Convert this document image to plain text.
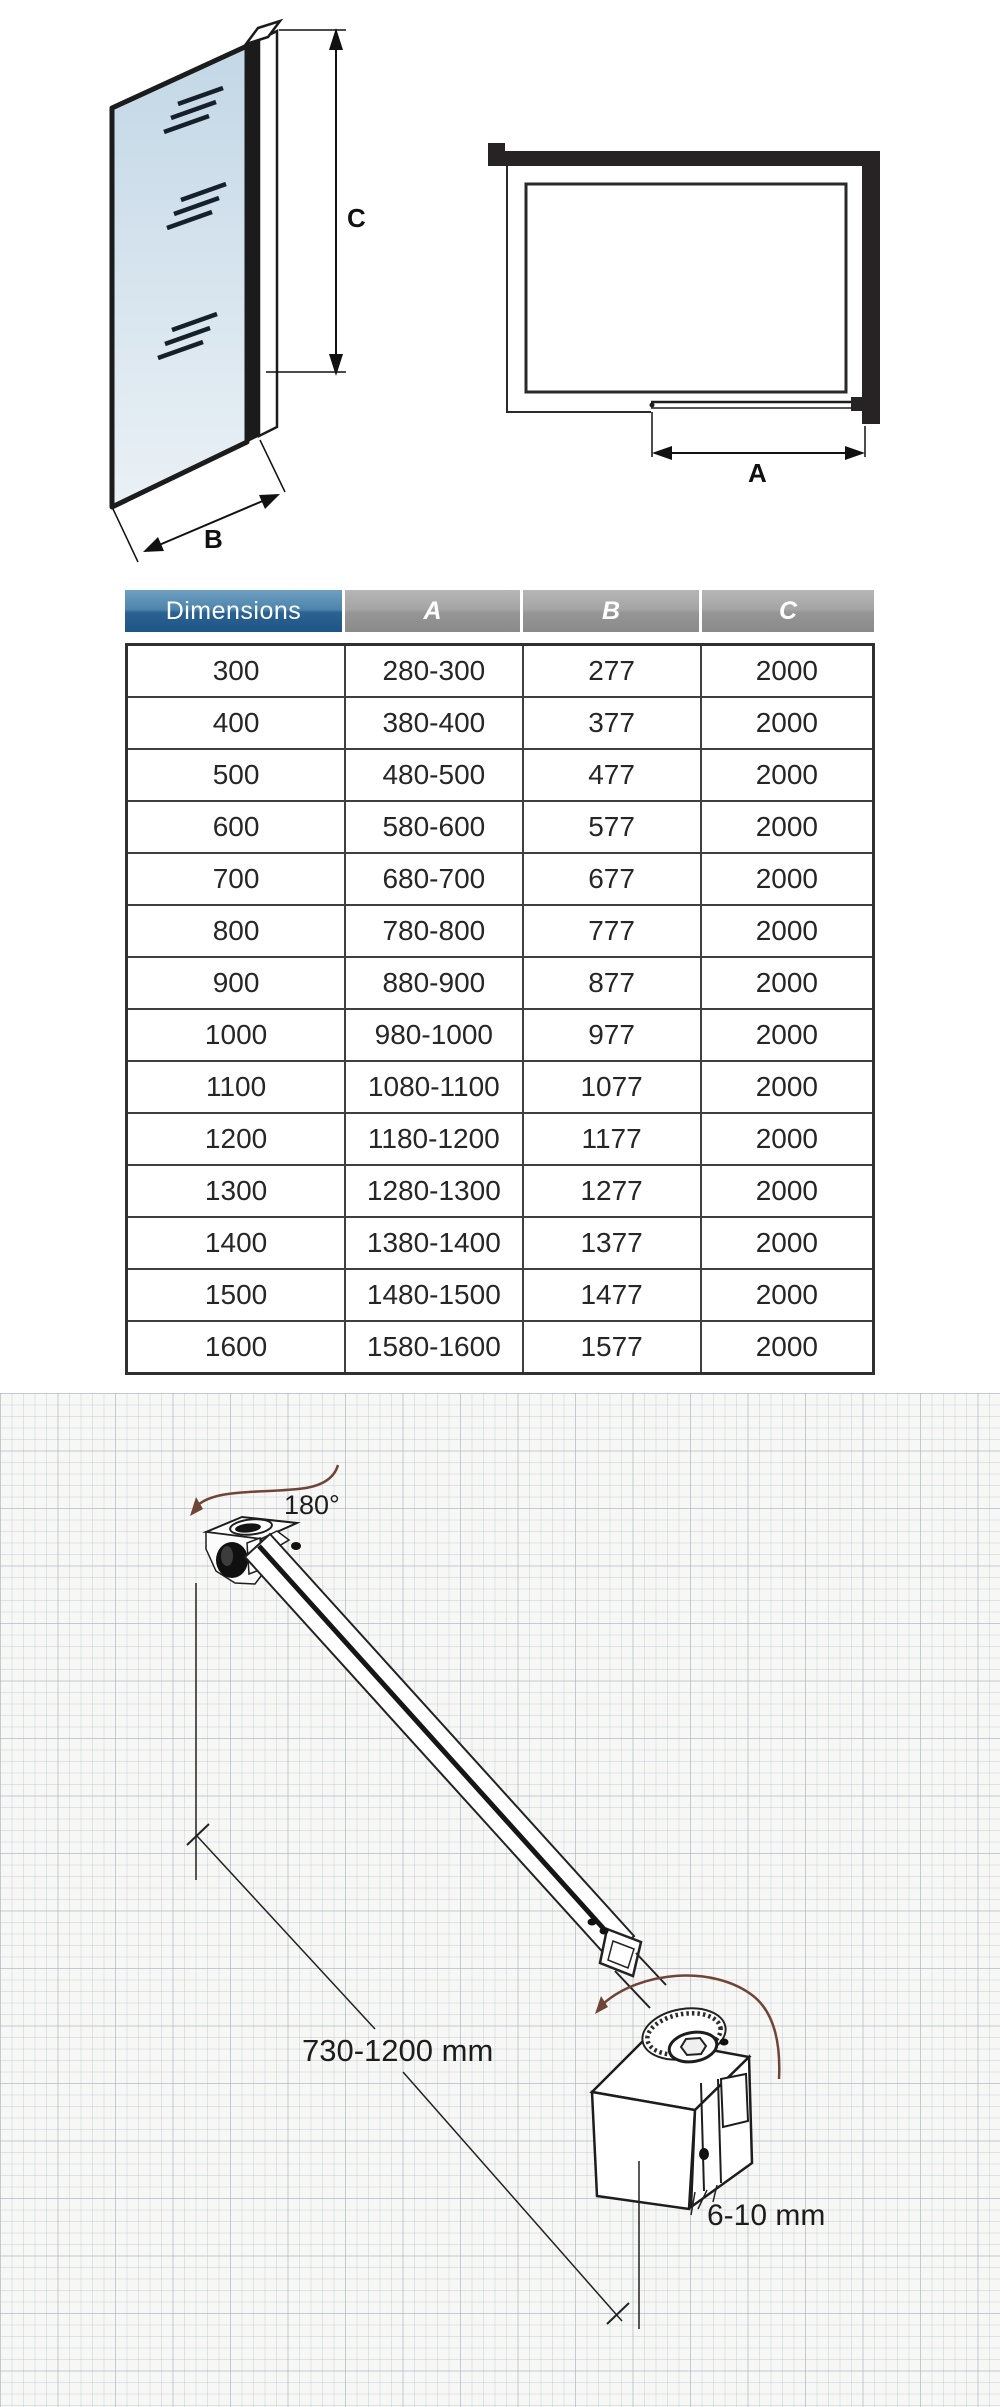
C
B
A
Dimensions	A	B	C
300	280-300	277	2000
400	380-400	377	2000
500	480-500	477	2000
600	580-600	577	2000
700	680-700	677	2000
800	780-800	777	2000
900	880-900	877	2000
1000	980-1000	977	2000
1100	1080-1100	1077	2000
1200	1180-1200	1177	2000
1300	1280-1300	1277	2000
1400	1380-1400	1377	2000
1500	1480-1500	1477	2000
1600	1580-1600	1577	2000
180°
730-1200 mm
6-10 mm
